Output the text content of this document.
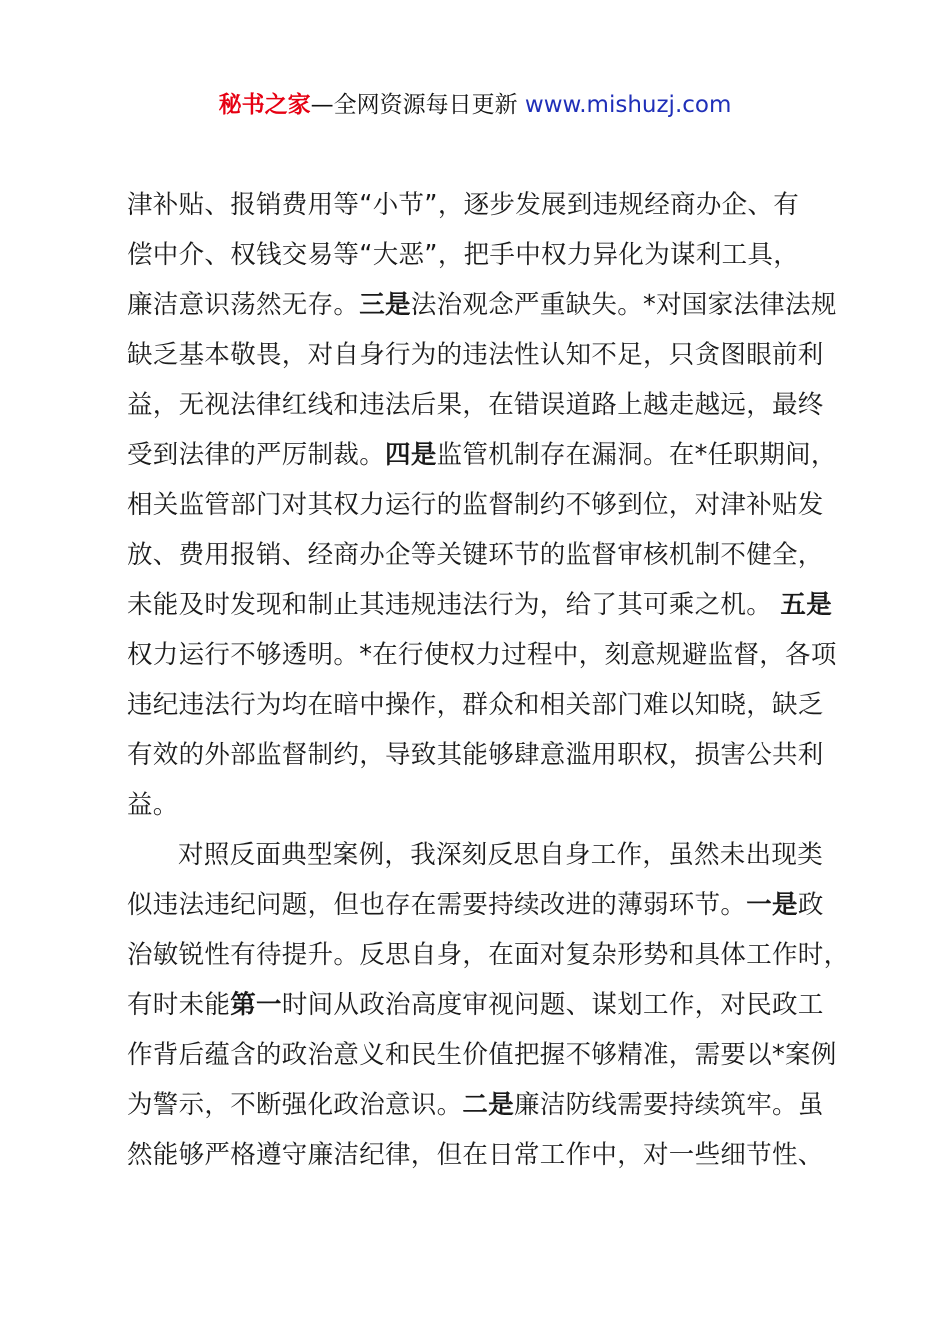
秘书之家—全网资源每日更新 www.mishuzj.com
津补贴、报销费用等“小节”，逐步发展到违规经商办企、有
偿中介、权钱交易等“大恶”，把手中权力异化为谋利工具，
廉洁意识荡然无存。三是法治观念严重缺失。*对国家法律法规
缺乏基本敬畏，对自身行为的违法性认知不足，只贪图眼前利
益，无视法律红线和违法后果，在错误道路上越走越远，最终
受到法律的严厉制裁。四是监管机制存在漏洞。在*任职期间，
相关监管部门对其权力运行的监督制约不够到位，对津补贴发
放、费用报销、经商办企等关键环节的监督审核机制不健全，
未能及时发现和制止其违规违法行为，给了其可乘之机。 五是
权力运行不够透明。*在行使权力过程中，刻意规避监督，各项
违纪违法行为均在暗中操作，群众和相关部门难以知晓，缺乏
有效的外部监督制约，导致其能够肆意滥用职权，损害公共利
益。
对照反面典型案例，我深刻反思自身工作，虽然未出现类
似违法违纪问题，但也存在需要持续改进的薄弱环节。一是政
治敏锐性有待提升。反思自身，在面对复杂形势和具体工作时，
有时未能第一时间从政治高度审视问题、谋划工作，对民政工
作背后蕴含的政治意义和民生价值把握不够精准，需要以*案例
为警示，不断强化政治意识。二是廉洁防线需要持续筑牢。虽
然能够严格遵守廉洁纪律，但在日常工作中，对一些细节性、
